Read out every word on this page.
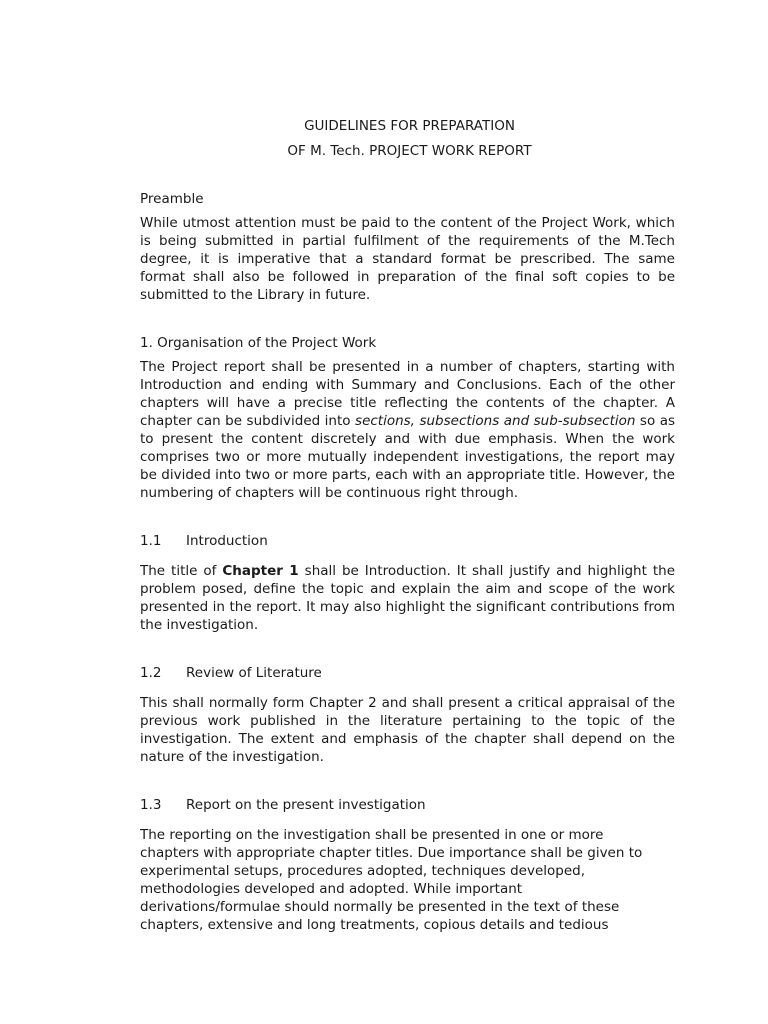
GUIDELINES FOR PREPARATION

OF M. Tech. PROJECT WORK REPORT

Preamble

While utmost attention must be paid to the content of the Project Work, which is being submitted in partial fulfilment of the requirements of the M.Tech degree, it is imperative that a standard format be prescribed. The same format shall also be followed in preparation of the final soft copies to be submitted to the Library in future.

1. Organisation of the Project Work

The Project report shall be presented in a number of chapters, starting with Introduction and ending with Summary and Conclusions. Each of the other chapters will have a precise title reflecting the contents of the chapter. A chapter can be subdivided into sections, subsections and sub-subsection so as to present the content discretely and with due emphasis. When the work comprises two or more mutually independent investigations, the report may be divided into two or more parts, each with an appropriate title. However, the numbering of chapters will be continuous right through.

1.1 Introduction

The title of Chapter 1 shall be Introduction. It shall justify and highlight the problem posed, define the topic and explain the aim and scope of the work presented in the report. It may also highlight the significant contributions from the investigation.

1.2 Review of Literature

This shall normally form Chapter 2 and shall present a critical appraisal of the previous work published in the literature pertaining to the topic of the investigation. The extent and emphasis of the chapter shall depend on the nature of the investigation.

1.3 Report on the present investigation

The reporting on the investigation shall be presented in one or more

chapters with appropriate chapter titles. Due importance shall be given to

experimental setups, procedures adopted, techniques developed,

methodologies developed and adopted. While important

derivations/formulae should normally be presented in the text of these

chapters, extensive and long treatments, copious details and tedious
